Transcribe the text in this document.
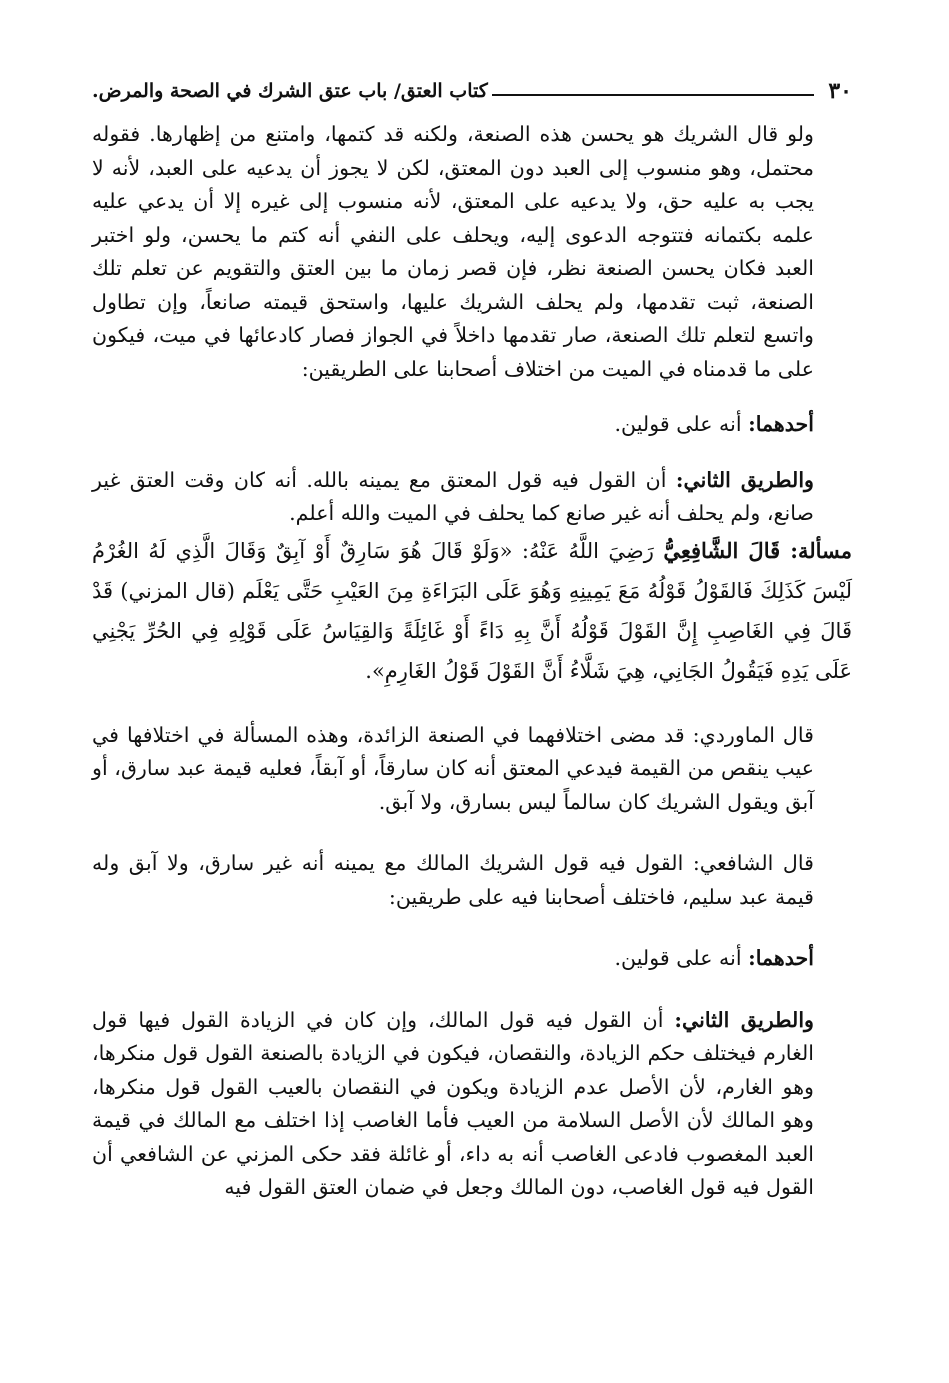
٣٠
كتاب العتق/ باب عتق الشرك في الصحة والمرض.

ولو قال الشريك هو يحسن هذه الصنعة، ولكنه قد كتمها، وامتنع من إظهارها. فقوله محتمل، وهو منسوب إلى العبد دون المعتق، لكن لا يجوز أن يدعيه على العبد، لأنه لا يجب به عليه حق، ولا يدعيه على المعتق، لأنه منسوب إلى غيره إلا أن يدعي عليه علمه بكتمانه فتتوجه الدعوى إليه، ويحلف على النفي أنه كتم ما يحسن، ولو اختبر العبد فكان يحسن الصنعة نظر، فإن قصر زمان ما بين العتق والتقويم عن تعلم تلك الصنعة، ثبت تقدمها، ولم يحلف الشريك عليها، واستحق قيمته صانعاً، وإن تطاول واتسع لتعلم تلك الصنعة، صار تقدمها داخلاً في الجواز فصار كادعائها في ميت، فيكون على ما قدمناه في الميت من اختلاف أصحابنا على الطريقين:

أحدهما: أنه على قولين.

والطريق الثاني: أن القول فيه قول المعتق مع يمينه بالله. أنه كان وقت العتق غير صانع، ولم يحلف أنه غير صانع كما يحلف في الميت والله أعلم.

مسألة: قَالَ الشَّافِعِيُّ رَضِيَ اللَّهُ عَنْهُ: «وَلَوْ قَالَ هُوَ سَارِقٌ أَوْ آبِقٌ وَقَالَ الَّذِي لَهُ الغُرْمُ لَيْسَ كَذَلِكَ فَالقَوْلُ قَوْلُهُ مَعَ يَمِينِهِ وَهُوَ عَلَى البَرَاءَةِ مِنَ العَيْبِ حَتَّى يَعْلَم (قال المزني) قَدْ قَالَ فِي الغَاصِبِ إِنَّ القَوْلَ قَوْلُهُ أَنَّ بِهِ دَاءً أَوْ غَائِلَةً وَالقِيَاسُ عَلَى قَوْلِهِ فِي الحُرِّ يَجْنِي عَلَى يَدِهِ فَيَقُولُ الجَانِي، هِيَ شَلَّاءُ أَنَّ القَوْلَ قَوْلُ الغَارِمِ».

قال الماوردي: قد مضى اختلافهما في الصنعة الزائدة، وهذه المسألة في اختلافها في عيب ينقص من القيمة فيدعي المعتق أنه كان سارقاً، أو آبقاً، فعليه قيمة عبد سارق، أو آبق ويقول الشريك كان سالماً ليس بسارق، ولا آبق.

قال الشافعي: القول فيه قول الشريك المالك مع يمينه أنه غير سارق، ولا آبق وله قيمة عبد سليم، فاختلف أصحابنا فيه على طريقين:

أحدهما: أنه على قولين.

والطريق الثاني: أن القول فيه قول المالك، وإن كان في الزيادة القول فيها قول الغارم فيختلف حكم الزيادة، والنقصان، فيكون في الزيادة بالصنعة القول قول منكرها، وهو الغارم، لأن الأصل عدم الزيادة ويكون في النقصان بالعيب القول قول منكرها، وهو المالك لأن الأصل السلامة من العيب فأما الغاصب إذا اختلف مع المالك في قيمة العبد المغصوب فادعى الغاصب أنه به داء، أو غائلة فقد حكى المزني عن الشافعي أن القول فيه قول الغاصب، دون المالك وجعل في ضمان العتق القول فيه
